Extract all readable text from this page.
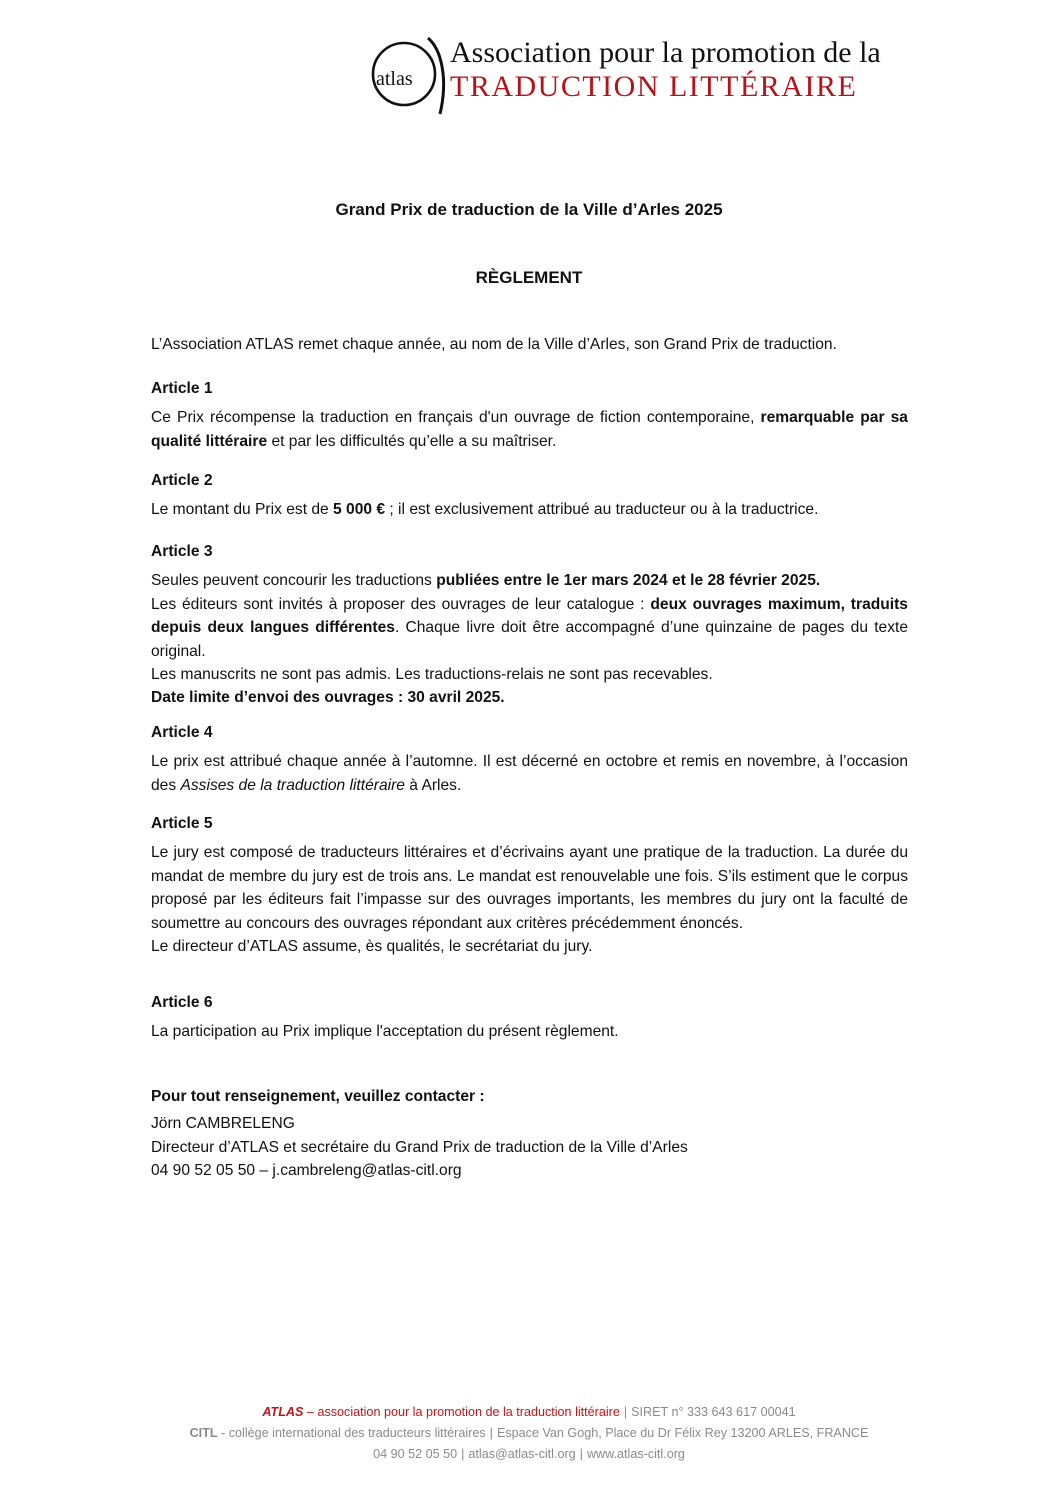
atlas
Association pour la promotion de la
TRADUCTION LITTÉRAIRE
Grand Prix de traduction de la Ville d’Arles 2025
RÈGLEMENT
L’Association ATLAS remet chaque année, au nom de la Ville d’Arles, son Grand Prix de traduction.
Article 1

Ce Prix récompense la traduction en français d'un ouvrage de fiction contemporaine, remarquable par sa qualité littéraire et par les difficultés qu’elle a su maîtriser.

Article 2

Le montant du Prix est de 5 000 € ; il est exclusivement attribué au traducteur ou à la traductrice.

Article 3

Seules peuvent concourir les traductions publiées entre le 1er mars 2024 et le 28 février 2025.

Les éditeurs sont invités à proposer des ouvrages de leur catalogue : deux ouvrages maximum, traduits depuis deux langues différentes. Chaque livre doit être accompagné d’une quinzaine de pages du texte original.

Les manuscrits ne sont pas admis. Les traductions-relais ne sont pas recevables.

Date limite d’envoi des ouvrages : 30 avril 2025.

Article 4

Le prix est attribué chaque année à l’automne. Il est décerné en octobre et remis en novembre, à l’occasion des Assises de la traduction littéraire à Arles.

Article 5

Le jury est composé de traducteurs littéraires et d’écrivains ayant une pratique de la traduction. La durée du mandat de membre du jury est de trois ans. Le mandat est renouvelable une fois. S’ils estiment que le corpus proposé par les éditeurs fait l’impasse sur des ouvrages importants, les membres du jury ont la faculté de soumettre au concours des ouvrages répondant aux critères précédemment énoncés.

Le directeur d’ATLAS assume, ès qualités, le secrétariat du jury.

Article 6

La participation au Prix implique l'acceptation du présent règlement.

Pour tout renseignement, veuillez contacter :
Jörn CAMBRELENG
Directeur d’ATLAS et secrétaire du Grand Prix de traduction de la Ville d’Arles
04 90 52 05 50 – j.cambreleng@atlas-citl.org
ATLAS – association pour la promotion de la traduction littéraire | SIRET n° 333 643 617 00041
CITL - collège international des traducteurs littéraires | Espace Van Gogh, Place du Dr Félix Rey 13200 ARLES, FRANCE
04 90 52 05 50 | atlas@atlas-citl.org | www.atlas-citl.org
